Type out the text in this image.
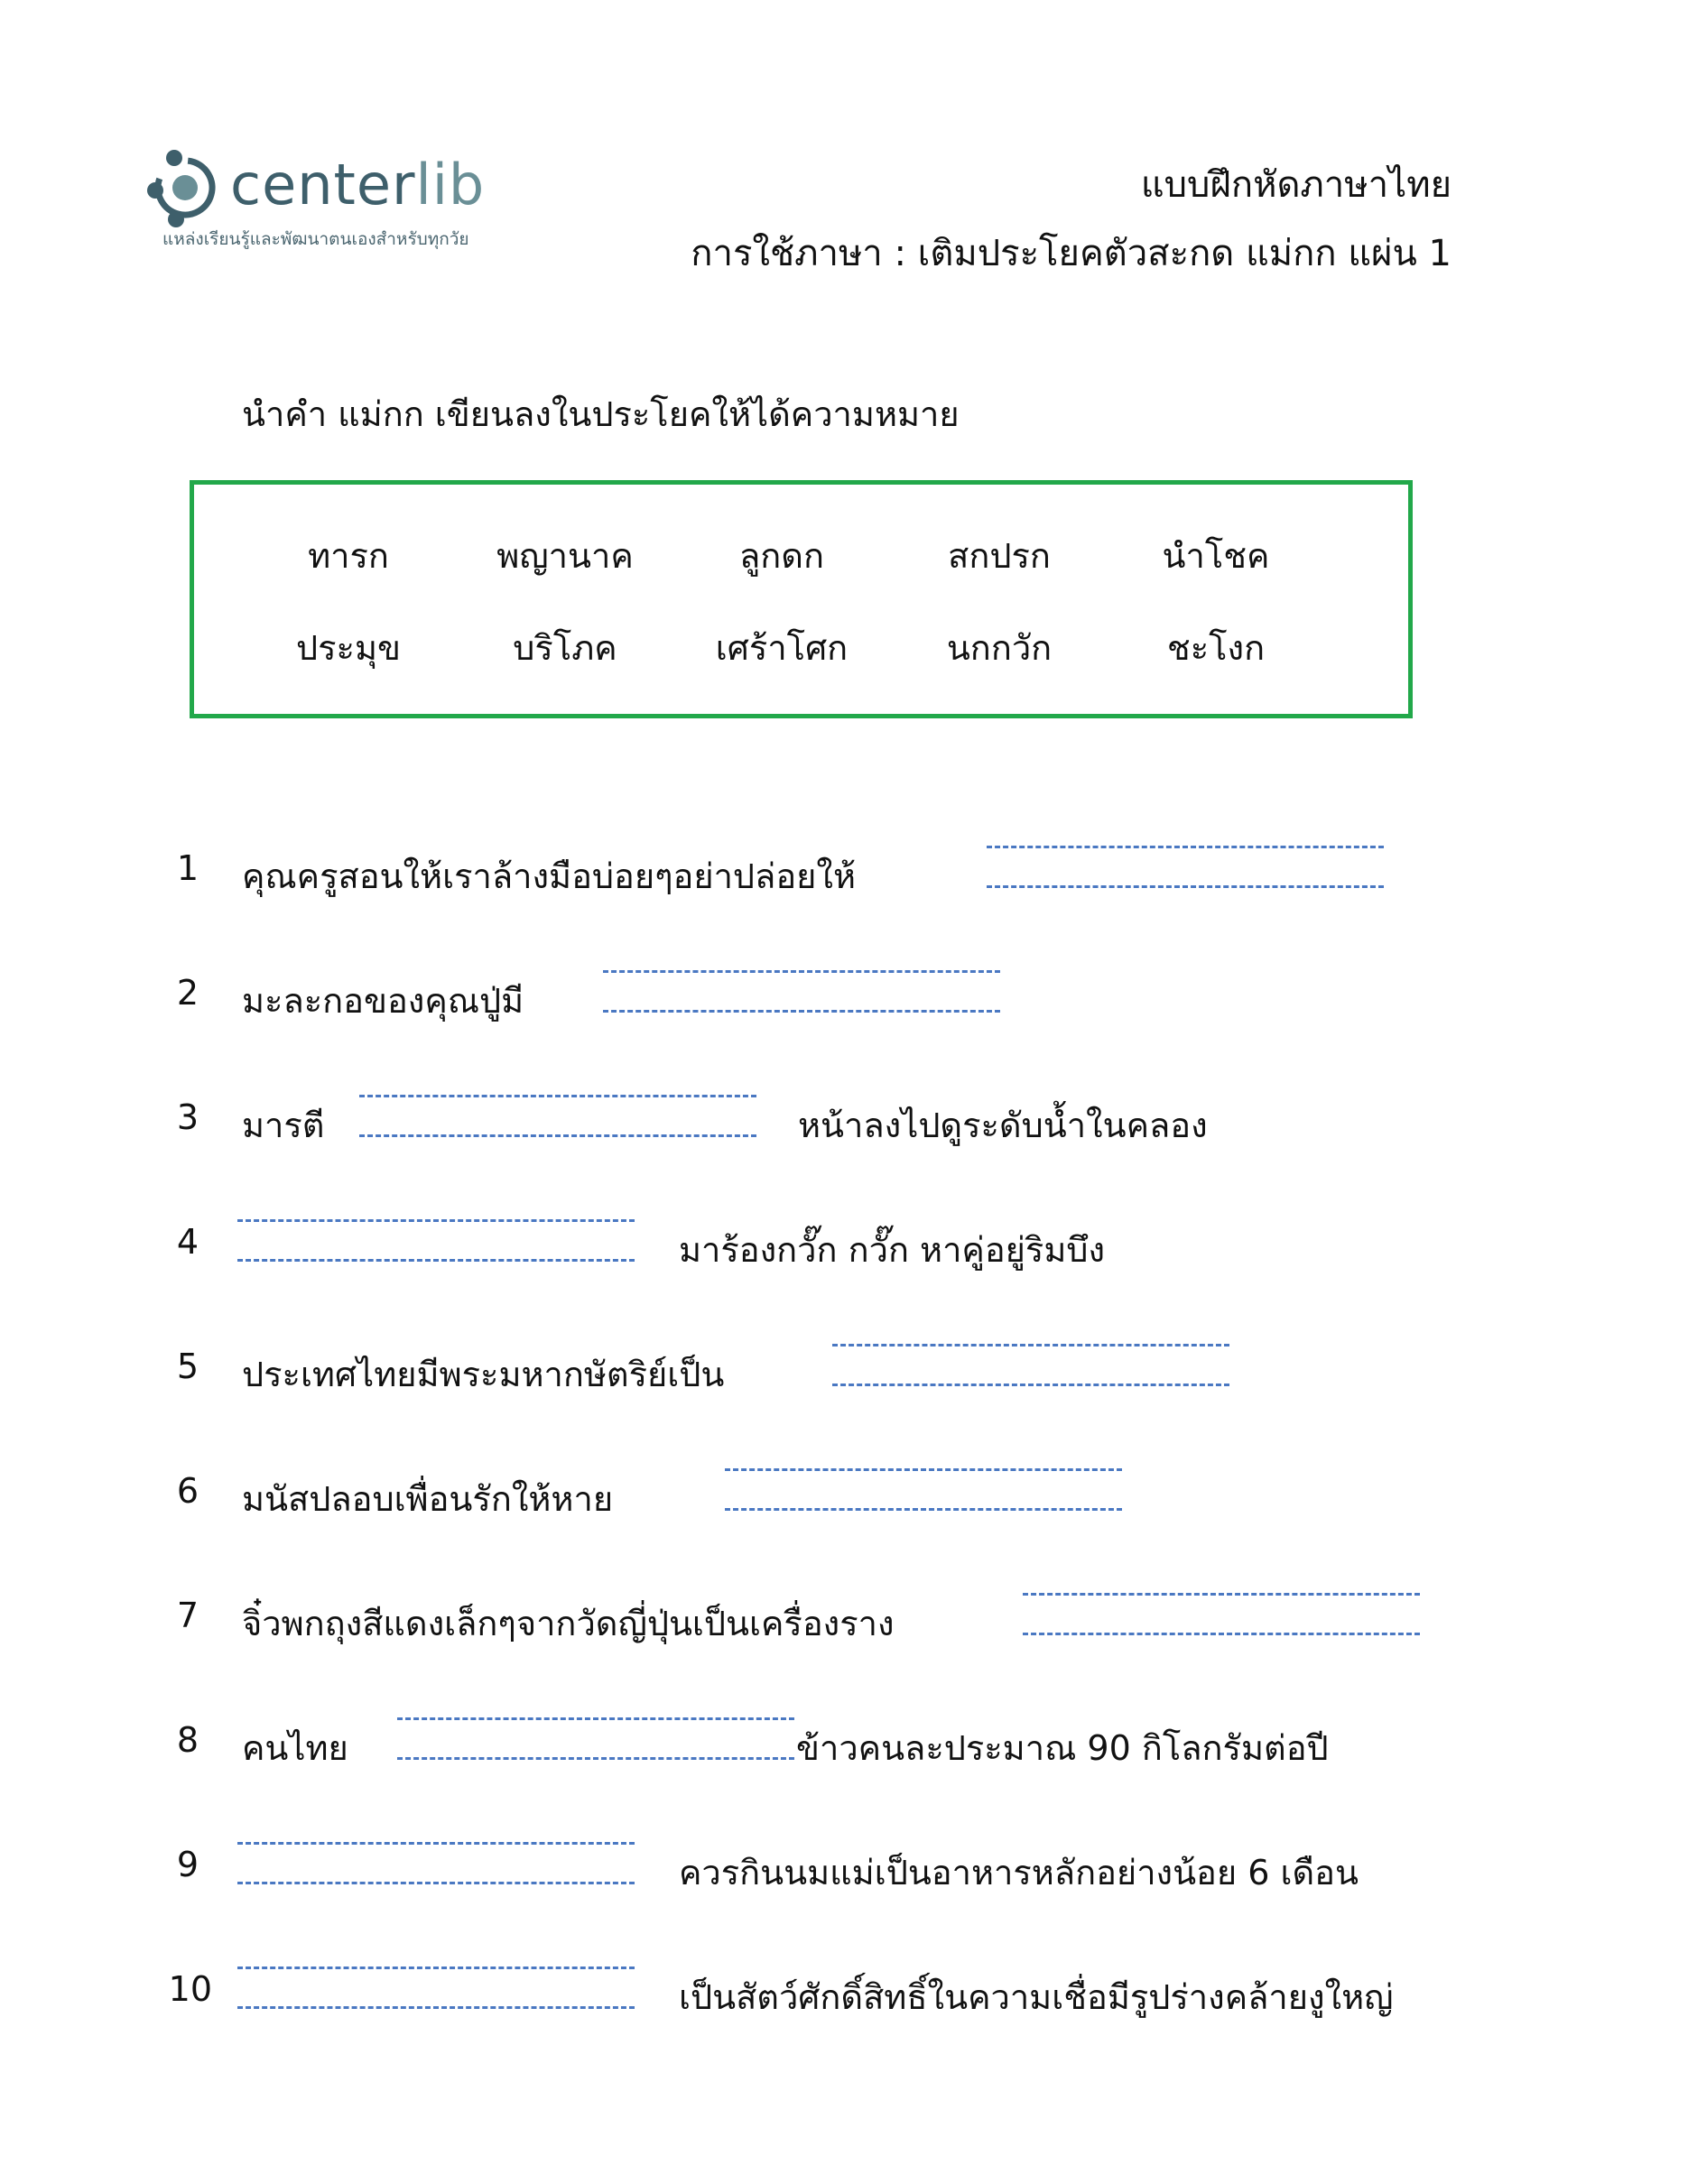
centerlib
แหล่งเรียนรู้และพัฒนาตนเองสำหรับทุกวัย
แบบฝึกหัดภาษาไทย
การใช้ภาษา : เติมประโยคตัวสะกด แม่กก แผ่น 1
นำคำ แม่กก เขียนลงในประโยคให้ได้ความหมาย
ทารก	พญานาค	ลูกดก	สกปรก	นำโชค
ประมุข	บริโภค	เศร้าโศก	นกกวัก	ชะโงก
1 คุณครูสอนให้เราล้างมือบ่อยๆอย่าปล่อยให้
2 มะละกอของคุณปู่มี
3 มารตี	หน้าลงไปดูระดับน้ำในคลอง
4	มาร้องกวั๊ก กวั๊ก หาคู่อยู่ริมบึง
5 ประเทศไทยมีพระมหากษัตริย์เป็น
6 มนัสปลอบเพื่อนรักให้หาย
7 จิ๋วพกถุงสีแดงเล็กๆจากวัดญี่ปุ่นเป็นเครื่องราง
8 คนไทย	ข้าวคนละประมาณ 90 กิโลกรัมต่อปี
9	ควรกินนมแม่เป็นอาหารหลักอย่างน้อย 6 เดือน
10	เป็นสัตว์ศักดิ์สิทธิ์ในความเชื่อมีรูปร่างคล้ายงูใหญ่
